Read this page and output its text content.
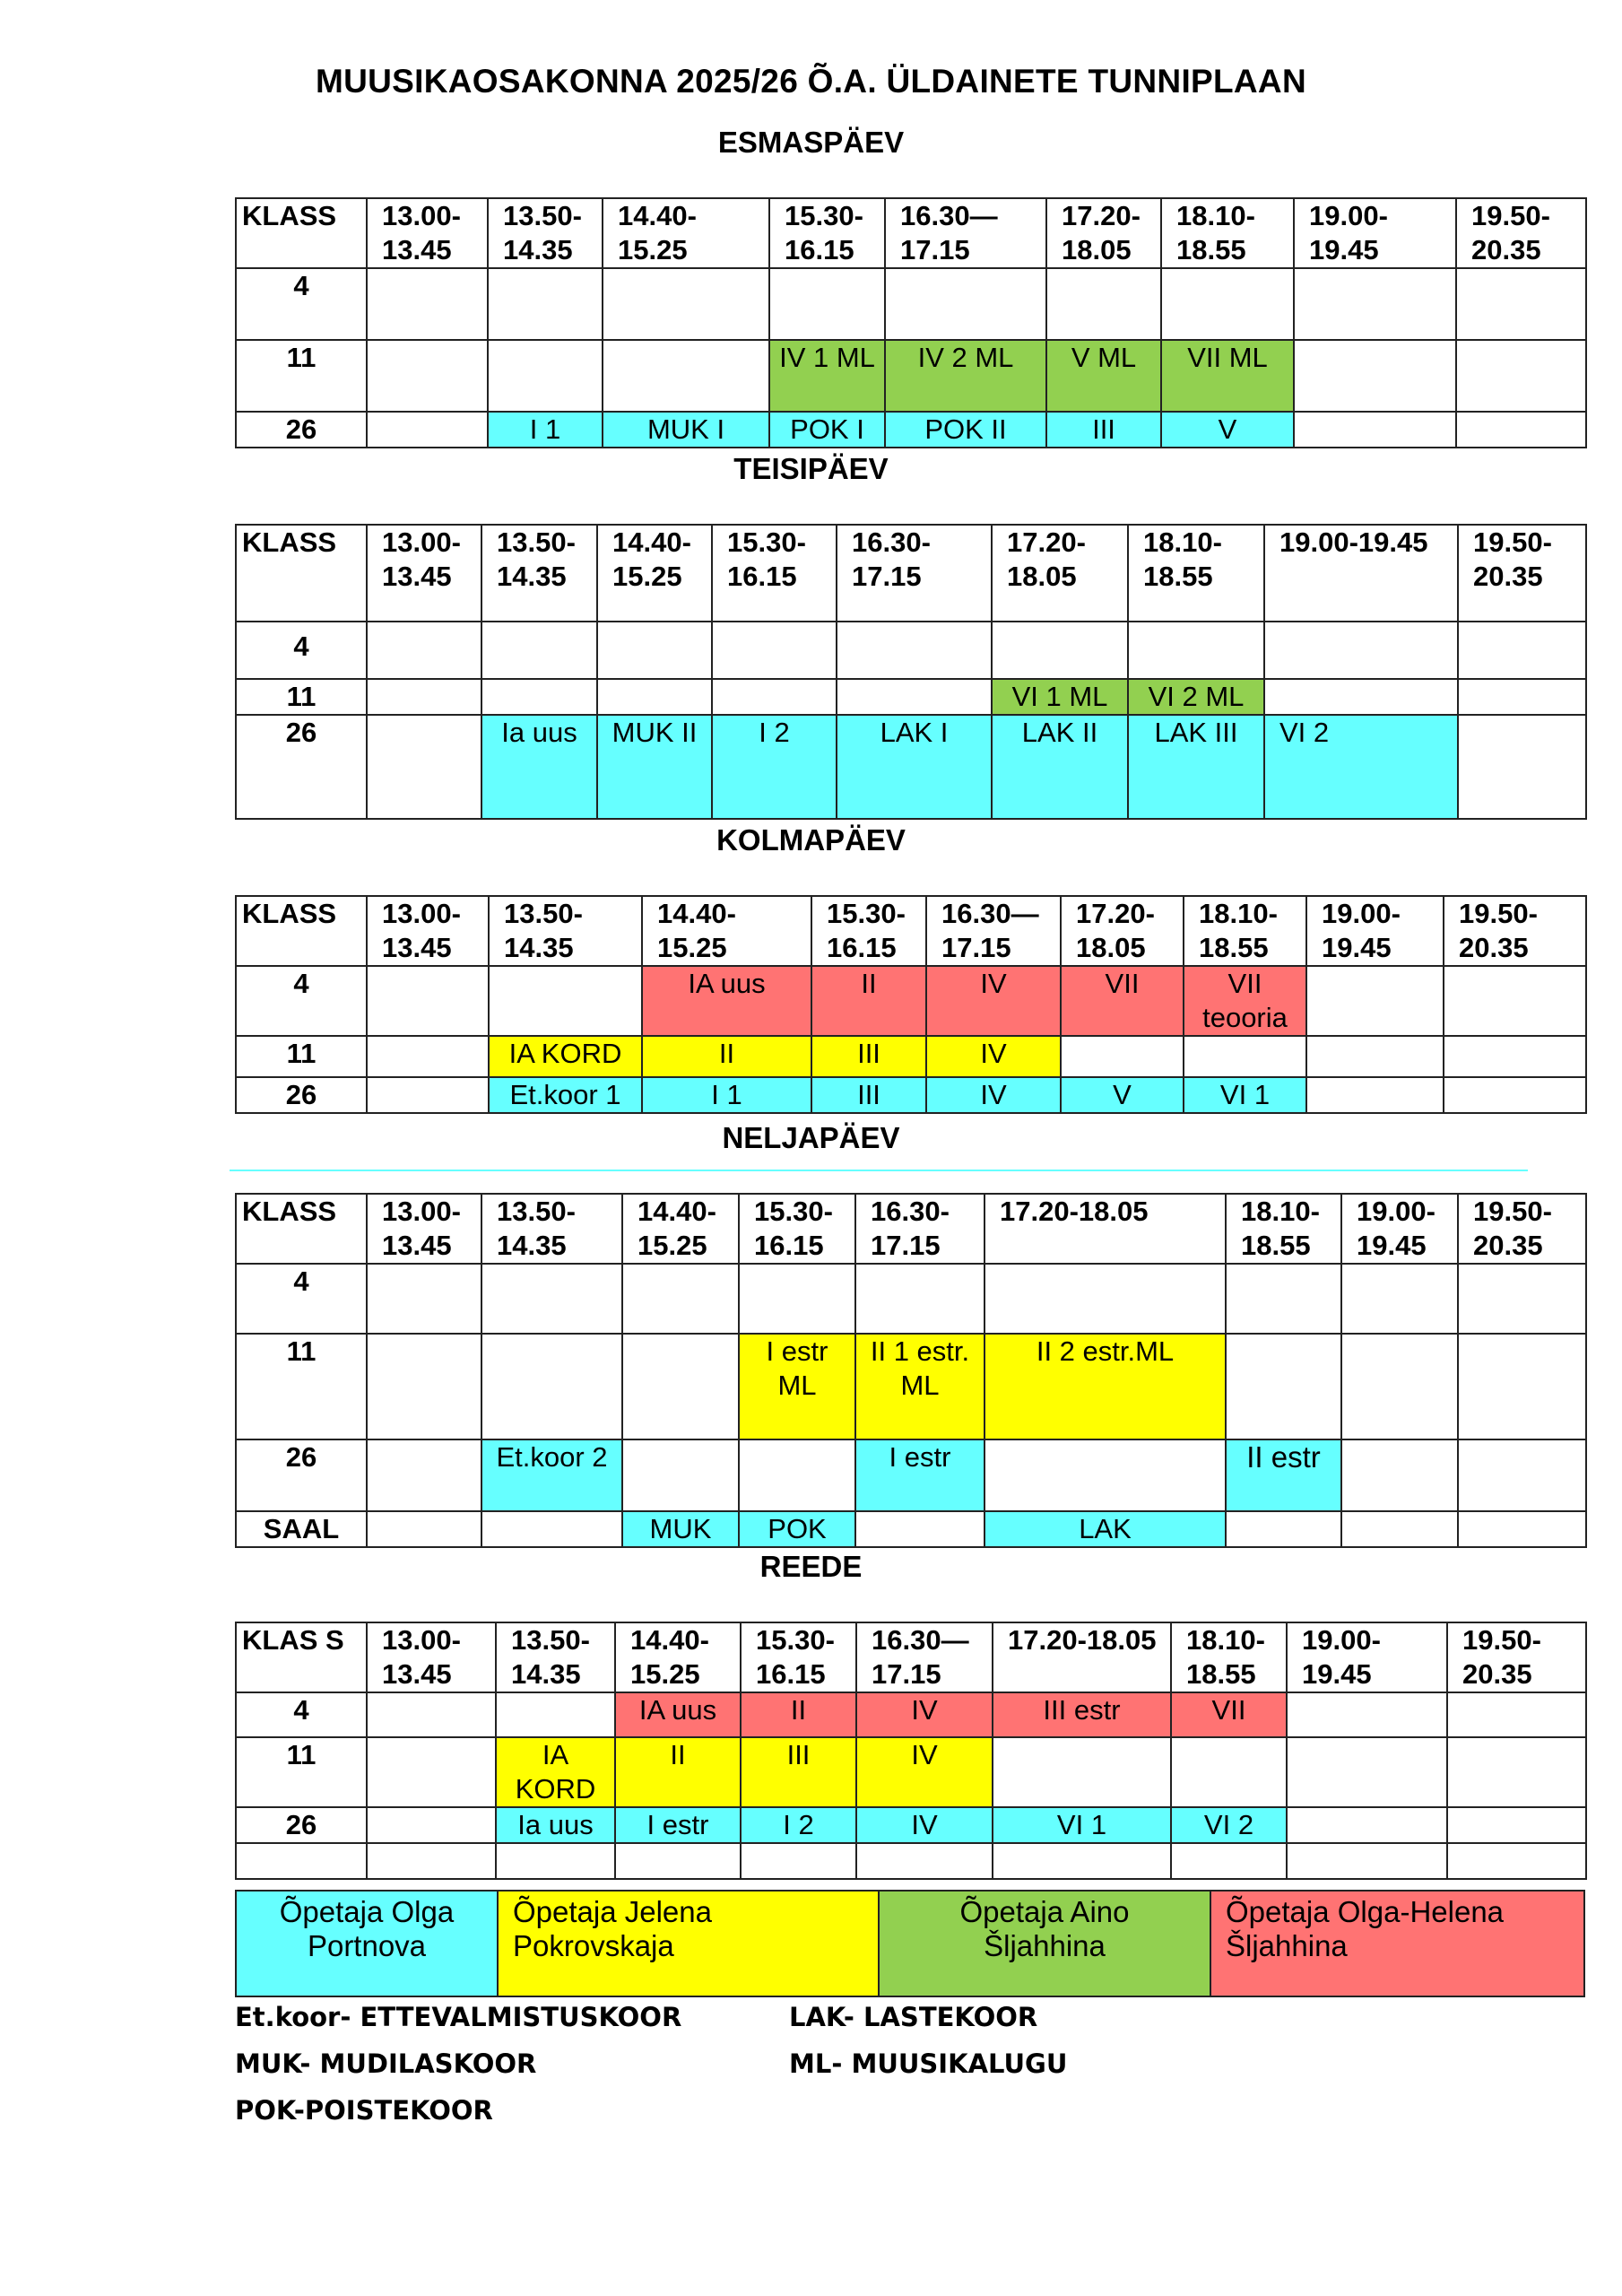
MUUSIKAOSAKONNA 2025/26 Õ.A. ÜLDAINETE TUNNIPLAAN
ESMASPÄEV
KLASS	13.00-13.45	13.50-14.35	14.40-15.25	15.30-16.15	16.30—17.15	17.20-18.05	18.10-18.55	19.00-19.45	19.50-20.35
4									
11				IV 1 ML	IV 2 ML	V ML	VII ML		
26		I 1	MUK I	POK I	POK II	III	V		
TEISIPÄEV
KLASS	13.00-13.45	13.50-14.35	14.40-15.25	15.30-16.15	16.30-17.15	17.20-18.05	18.10-18.55	19.00-19.45	19.50-20.35
4									
11						VI 1 ML	VI 2 ML		
26		Ia uus	MUK II	I 2	LAK I	LAK II	LAK III	VI 2	
KOLMAPÄEV
KLASS	13.00-13.45	13.50-14.35	14.40-15.25	15.30-16.15	16.30—17.15	17.20-18.05	18.10-18.55	19.00-19.45	19.50-20.35
4			IA uus	II	IV	VII	VII teooria		
11		IA KORD	II	III	IV				
26		Et.koor 1	I 1	III	IV	V	VI 1		
NELJAPÄEV
KLASS	13.00-13.45	13.50-14.35	14.40-15.25	15.30-16.15	16.30-17.15	17.20-18.05	18.10-18.55	19.00-19.45	19.50-20.35
4									
11				I estr ML	II 1 estr. ML	II 2 estr.ML			
26		Et.koor 2			I estr		II estr		
SAAL			MUK	POK		LAK			
REEDE
KLAS S	13.00-13.45	13.50-14.35	14.40-15.25	15.30-16.15	16.30—17.15	17.20-18.05	18.10-18.55	19.00-19.45	19.50-20.35
4			IA uus	II	IV	III estr	VII		
11		IA KORD	II	III	IV				
26		Ia uus	I estr	I 2	IV	VI 1	VI 2		

Õpetaja Olga Portnova
Õpetaja Jelena Pokrovskaja
Õpetaja Aino Šljahhina
Õpetaja Olga-Helena Šljahhina
Et.koor- ETTEVALMISTUSKOOR	LAK- LASTEKOOR
MUK- MUDILASKOOR	ML- MUUSIKALUGU
POK-POISTEKOOR
